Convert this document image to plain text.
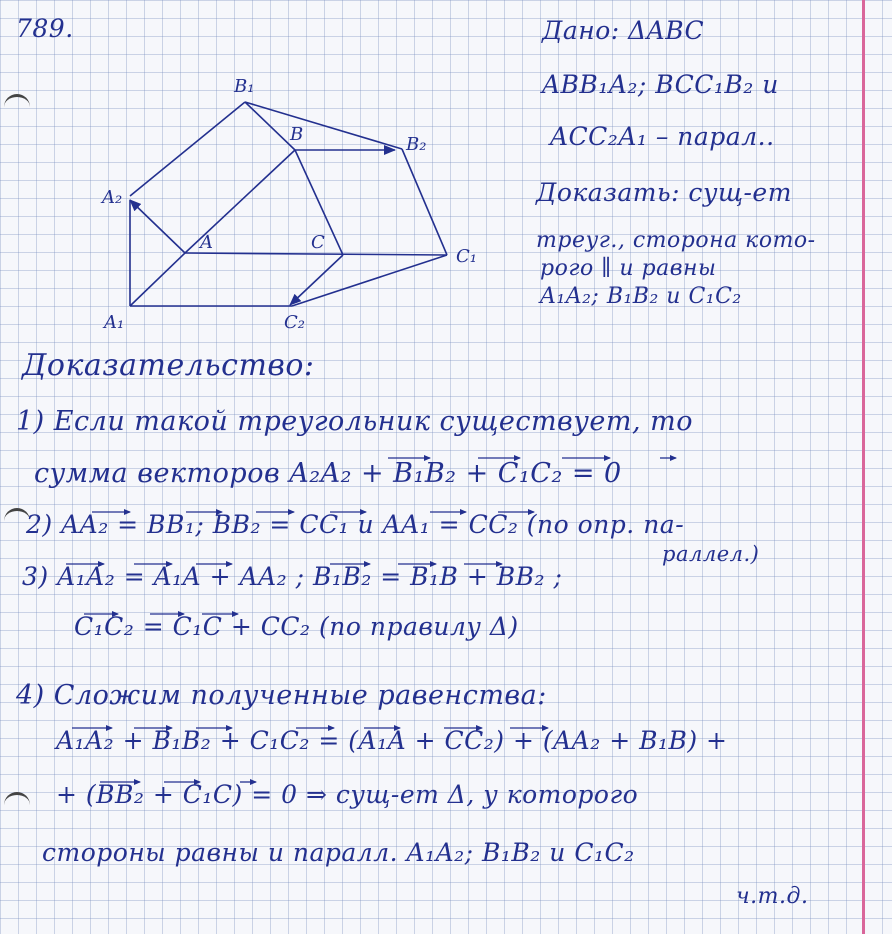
789.
B₁
B	B₂
A₂
A	C
C₁
A₁	C₂
Дано: ΔABC
ABB₁A₂; BCC₁B₂ и
ACC₂A₁ – парал..
Доказать: сущ-ет
треуг., сторона кото-
рого ∥ и равны
A₁A₂; B₁B₂ и C₁C₂
Доказательство:
1) Если такой треугольник существует, то
сумма векторов A₂A₂ + B₁B₂ + C₁C₂ = 0
2) AA₂ = BB₁; BB₂ = CC₁ и AA₁ = CC₂ (по опр. па-
раллел.)
3) A₁A₂ = A₁A + AA₂ ; B₁B₂ = B₁B + BB₂ ;
C₁C₂ = C₁C + CC₂ (по правилу Δ)
4) Сложим полученные равенства:
A₁A₂ + B₁B₂ + C₁C₂ = (A₁A + CC₂) + (AA₂ + B₁B) +
+ (BB₂ + C₁C) = 0 ⇒ сущ-ет Δ, у которого
стороны равны и паралл. A₁A₂; B₁B₂ и C₁C₂
ч.т.д.
